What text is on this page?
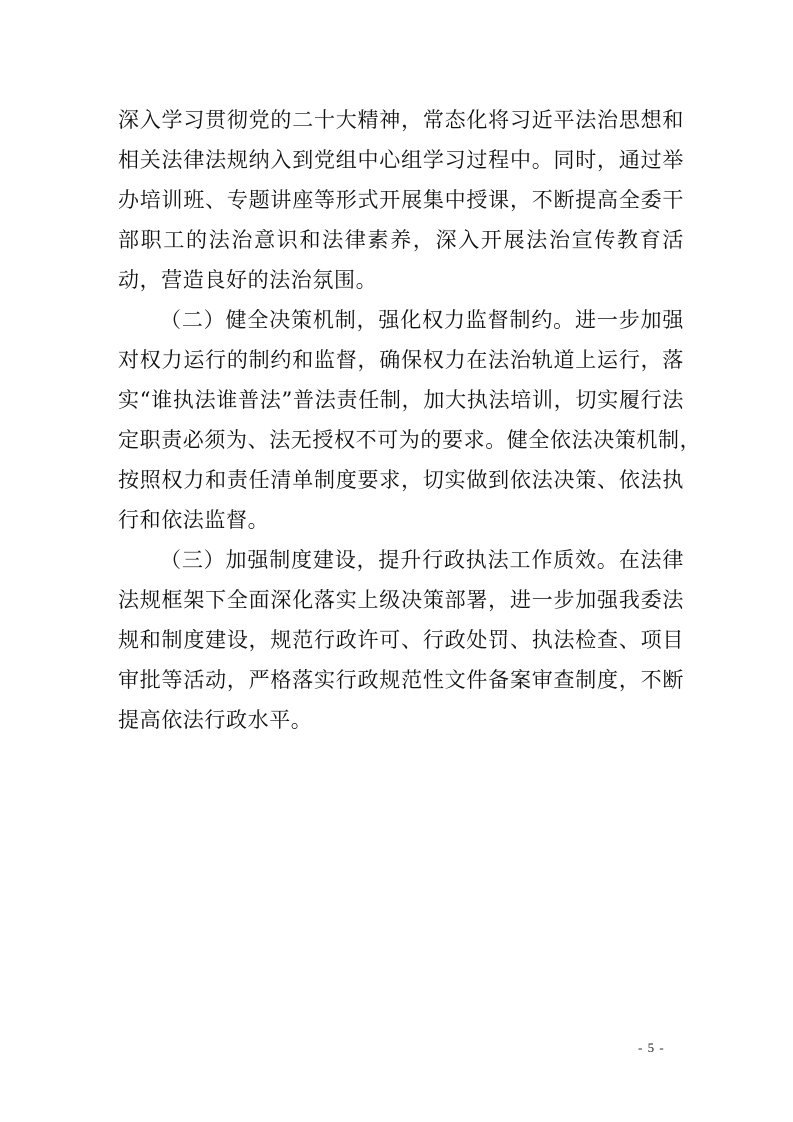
深入学习贯彻党的二十大精神，常态化将习近平法治思想和
相关法律法规纳入到党组中心组学习过程中。同时，通过举
办培训班、专题讲座等形式开展集中授课，不断提高全委干
部职工的法治意识和法律素养，深入开展法治宣传教育活
动，营造良好的法治氛围。
（二）健全决策机制，强化权力监督制约。进一步加强
对权力运行的制约和监督，确保权力在法治轨道上运行，落
实“谁执法谁普法”普法责任制，加大执法培训，切实履行法
定职责必须为、法无授权不可为的要求。健全依法决策机制，
按照权力和责任清单制度要求，切实做到依法决策、依法执
行和依法监督。
（三）加强制度建设，提升行政执法工作质效。在法律
法规框架下全面深化落实上级决策部署，进一步加强我委法
规和制度建设，规范行政许可、行政处罚、执法检查、项目
审批等活动，严格落实行政规范性文件备案审查制度，不断
提高依法行政水平。
- 5 -
